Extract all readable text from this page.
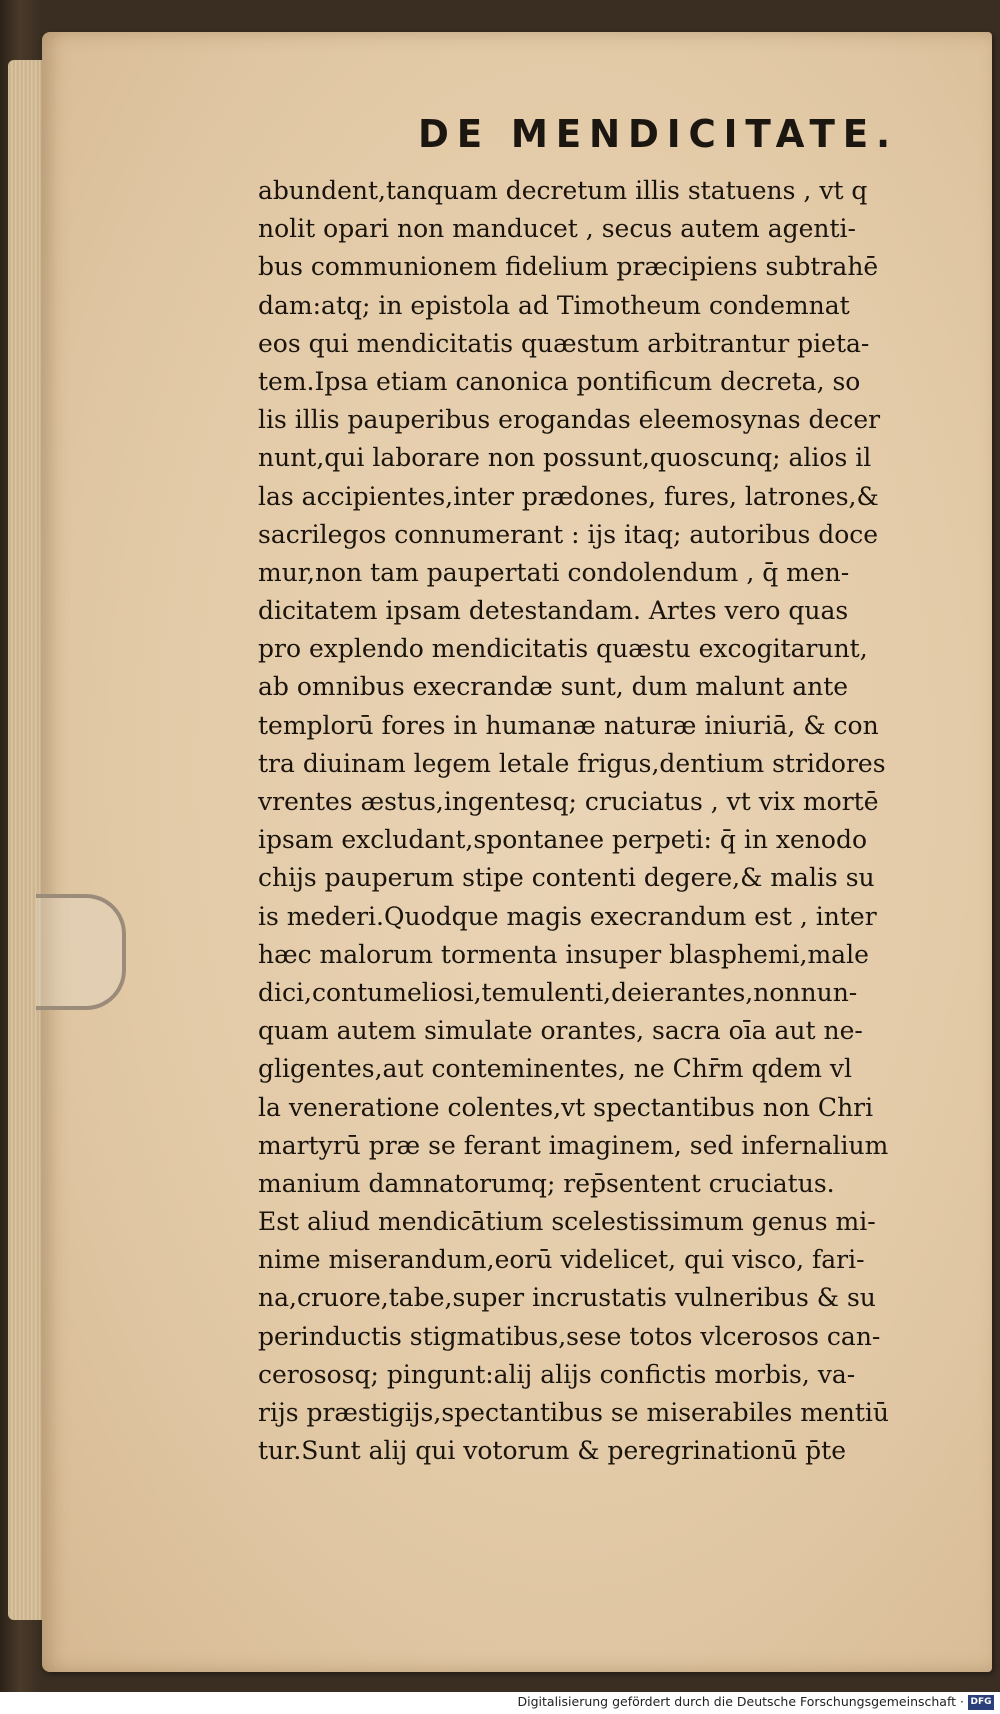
DE MENDICITATE.
abundent,tanquam decretum illis statuens , vt q
nolit opari non manducet , secus autem agenti-
bus communionem fidelium præcipiens subtrahē
dam:atq; in epistola ad Timotheum condemnat
eos qui mendicitatis quæstum arbitrantur pieta-
tem.Ipsa etiam canonica pontificum decreta, so
lis illis pauperibus erogandas eleemosynas decer
nunt,qui laborare non possunt,quoscunq; alios il
las accipientes,inter prædones, fures, latrones,&
sacrilegos connumerant : ijs itaq; autoribus doce
mur,non tam paupertati condolendum , q̄ men-
dicitatem ipsam detestandam. Artes vero quas
pro explendo mendicitatis quæstu excogitarunt,
ab omnibus execrandæ sunt, dum malunt ante
templorū fores in humanæ naturæ iniuriā, & con
tra diuinam legem letale frigus,dentium stridores
vrentes æstus,ingentesq; cruciatus , vt vix mortē
ipsam excludant,spontanee perpeti: q̄ in xenodo
chijs pauperum stipe contenti degere,& malis su
is mederi.Quodque magis execrandum est , inter
hæc malorum tormenta insuper blasphemi,male
dici,contumeliosi,temulenti,deierantes,nonnun-
quam autem simulate orantes, sacra oīa aut ne-
gligentes,aut conteminentes, ne Chr̄m qdem vl
la veneratione colentes,vt spectantibus non Chri
martyrū præ se ferant imaginem, sed infernalium
manium damnatorumq; rep̄sentent cruciatus.
Est aliud mendicātium scelestissimum genus mi-
nime miserandum,eorū videlicet, qui visco, fari-
na,cruore,tabe,super incrustatis vulneribus & su
perinductis stigmatibus,sese totos vlcerosos can-
cerososq; pingunt:alij alijs confictis morbis, va-
rijs præstigijs,spectantibus se miserabiles mentiū
tur.Sunt alij qui votorum & peregrinationū p̄te
Digitalisierung gefördert durch die Deutsche Forschungsgemeinschaft · DFG
